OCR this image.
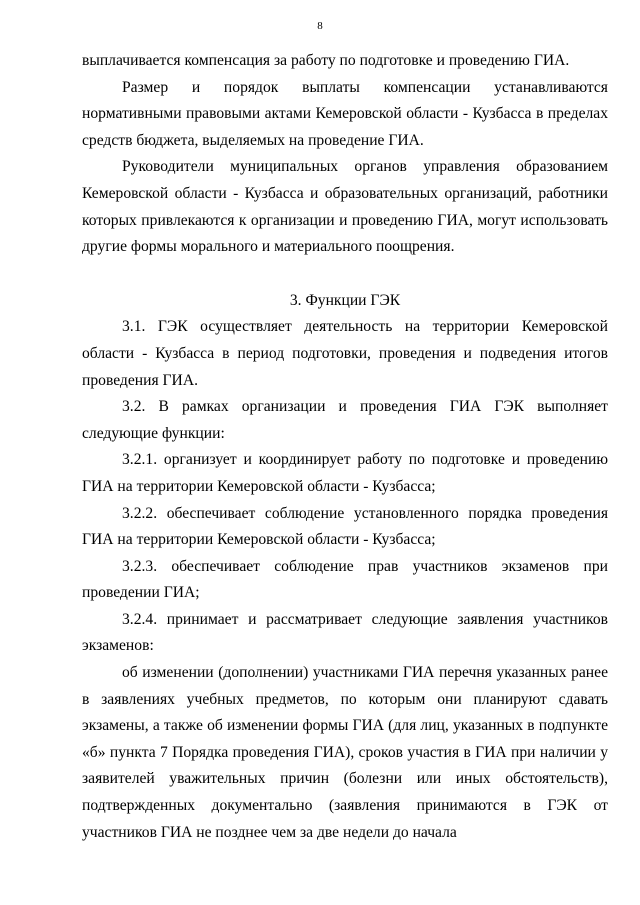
8

выплачивается компенсация за работу по подготовке и проведению ГИА.

Размер и порядок выплаты компенсации устанавливаются нормативными правовыми актами Кемеровской области - Кузбасса в пределах средств бюджета, выделяемых на проведение ГИА.

Руководители муниципальных органов управления образованием Кемеровской области - Кузбасса и образовательных организаций, работники которых привлекаются к организации и проведению ГИА, могут использовать другие формы морального и материального поощрения.

3. Функции ГЭК

3.1. ГЭК осуществляет деятельность на территории Кемеровской области - Кузбасса в период подготовки, проведения и подведения итогов проведения ГИА.

3.2. В рамках организации и проведения ГИА ГЭК выполняет следующие функции:

3.2.1. организует и координирует работу по подготовке и проведению ГИА на территории Кемеровской области - Кузбасса;

3.2.2. обеспечивает соблюдение установленного порядка проведения ГИА на территории Кемеровской области - Кузбасса;

3.2.3. обеспечивает соблюдение прав участников экзаменов при проведении ГИА;

3.2.4. принимает и рассматривает следующие заявления участников экзаменов:

об изменении (дополнении) участниками ГИА перечня указанных ранее в заявлениях учебных предметов, по которым они планируют сдавать экзамены, а также об изменении формы ГИА (для лиц, указанных в подпункте «б» пункта 7 Порядка проведения ГИА), сроков участия в ГИА при наличии у заявителей уважительных причин (болезни или иных обстоятельств), подтвержденных документально (заявления принимаются в ГЭК от участников ГИА не позднее чем за две недели до начала
